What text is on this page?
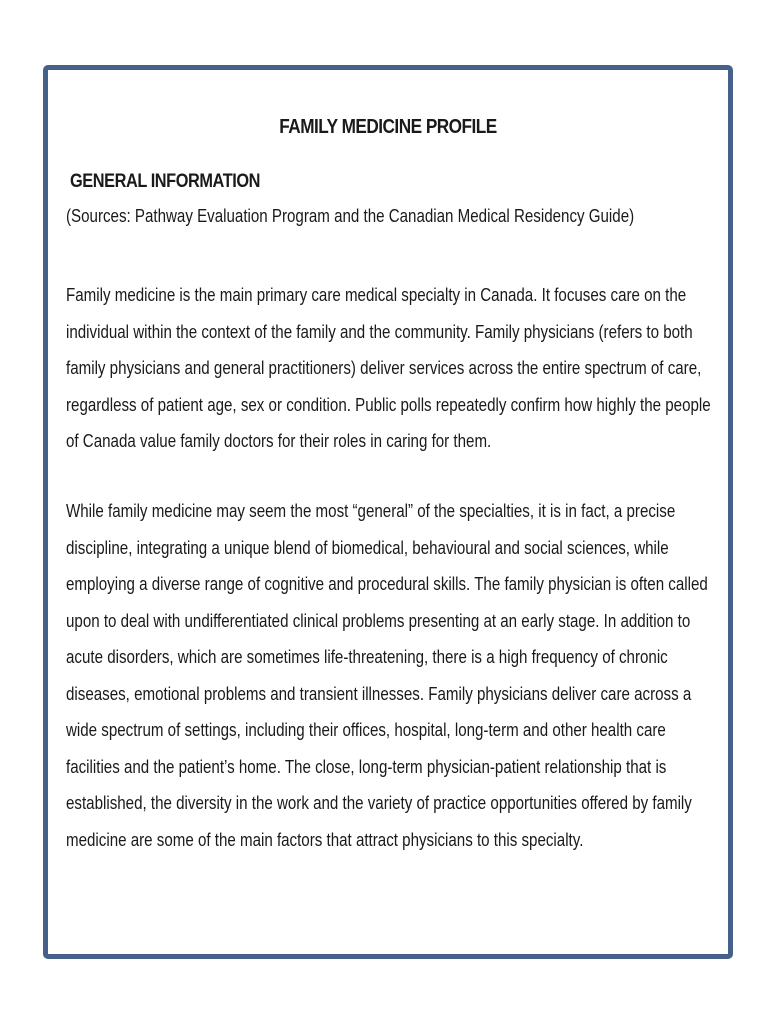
FAMILY MEDICINE PROFILE
GENERAL INFORMATION

(Sources: Pathway Evaluation Program and the Canadian Medical Residency Guide)

Family medicine is the main primary care medical specialty in Canada. It focuses care on the individual within the context of the family and the community. Family physicians (refers to both family physicians and general practitioners) deliver services across the entire spectrum of care, regardless of patient age, sex or condition. Public polls repeatedly confirm how highly the people of Canada value family doctors for their roles in caring for them.

While family medicine may seem the most “general” of the specialties, it is in fact, a precise discipline, integrating a unique blend of biomedical, behavioural and social sciences, while employing a diverse range of cognitive and procedural skills. The family physician is often called upon to deal with undifferentiated clinical problems presenting at an early stage. In addition to acute disorders, which are sometimes life-threatening, there is a high frequency of chronic diseases, emotional problems and transient illnesses. Family physicians deliver care across a wide spectrum of settings, including their offices, hospital, long-term and other health care facilities and the patient’s home. The close, long-term physician-patient relationship that is established, the diversity in the work and the variety of practice opportunities offered by family medicine are some of the main factors that attract physicians to this specialty.
